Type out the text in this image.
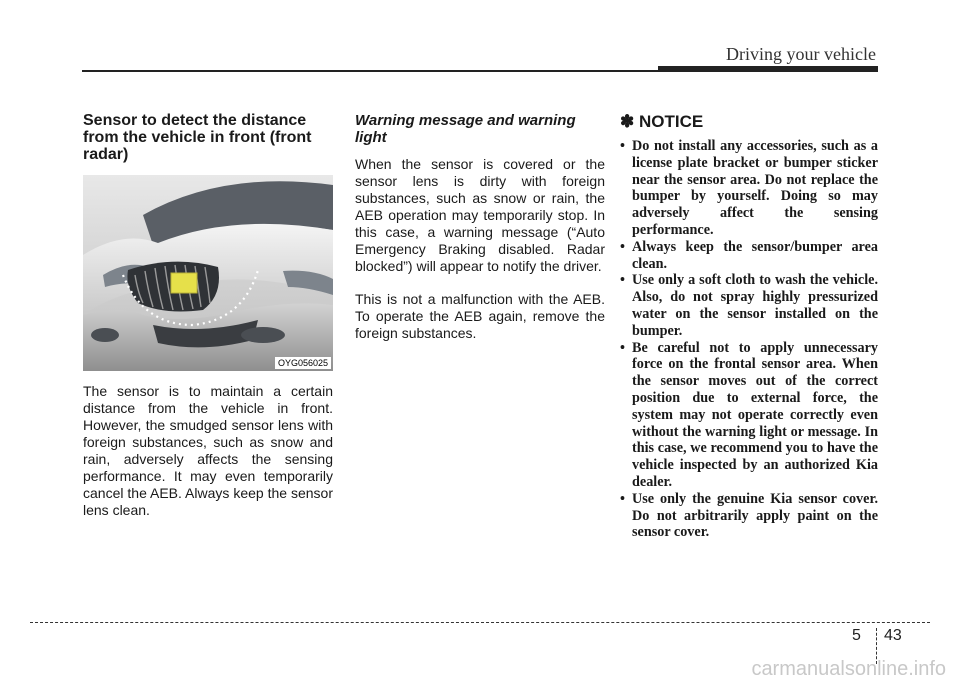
Driving your vehicle
Sensor to detect the distance from the vehicle in front (front radar)
OYG056025

The sensor is to maintain a certain distance from the vehicle in front. However, the smudged sensor lens with foreign substances, such as snow and rain, adversely affects the sensing performance. It may even temporarily cancel the AEB. Always keep the sensor lens clean.

Warning message and warning light

When the sensor is covered or the sensor lens is dirty with foreign substances, such as snow or rain, the AEB operation may temporarily stop. In this case, a warning message (“Auto Emergency Braking disabled. Radar blocked”) will appear to notify the driver.

This is not a malfunction with the AEB. To operate the AEB again, remove the foreign substances.

✽ NOTICE
• Do not install any accessories, such as a license plate bracket or bumper sticker near the sensor area. Do not replace the bumper by yourself. Doing so may adversely affect the sensing performance.
• Always keep the sensor/bumper area clean.
• Use only a soft cloth to wash the vehicle. Also, do not spray highly pressurized water on the sensor installed on the bumper.
• Be careful not to apply unnecessary force on the frontal sensor area. When the sensor moves out of the correct position due to external force, the system may not operate correctly even without the warning light or message. In this case, we recommend you to have the vehicle inspected by an authorized Kia dealer.
• Use only the genuine Kia sensor cover. Do not arbitrarily apply paint on the sensor cover.
5 43
carmanualsonline.info
